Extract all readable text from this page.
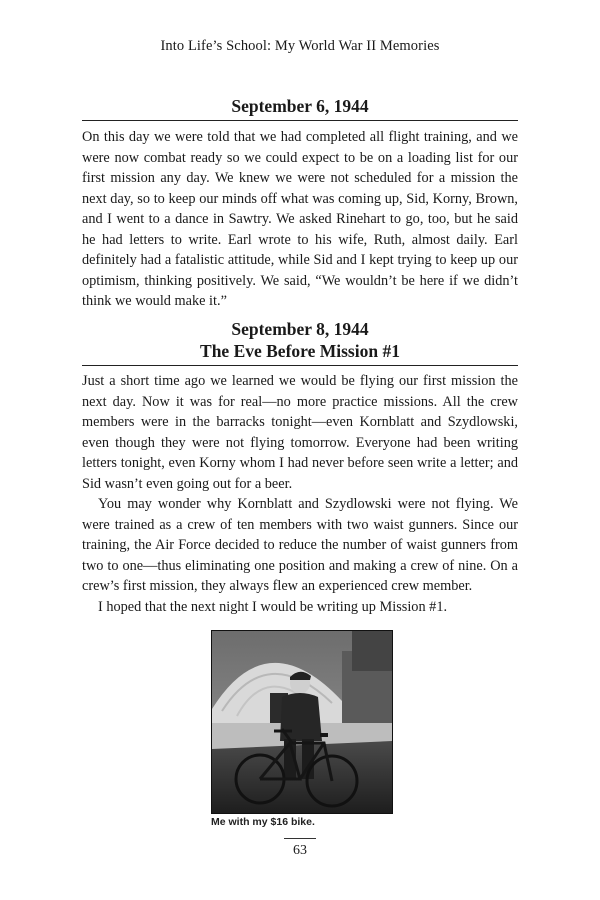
Into Life’s School: My World War II Memories
September 6, 1944

On this day we were told that we had completed all flight training, and we were now combat ready so we could expect to be on a loading list for our first mission any day. We knew we were not scheduled for a mission the next day, so to keep our minds off what was coming up, Sid, Korny, Brown, and I went to a dance in Sawtry. We asked Rinehart to go, too, but he said he had letters to write. Earl wrote to his wife, Ruth, almost daily. Earl definitely had a fatalistic attitude, while Sid and I kept trying to keep up our optimism, thinking positively. We said, “We wouldn’t be here if we didn’t think we would make it.”

September 8, 1944
The Eve Before Mission #1

Just a short time ago we learned we would be flying our first mission the next day. Now it was for real—no more practice missions. All the crew members were in the barracks tonight—even Kornblatt and Szydlowski, even though they were not flying tomorrow. Everyone had been writing letters tonight, even Korny whom I had never before seen write a letter; and Sid wasn’t even going out for a beer.

You may wonder why Kornblatt and Szydlowski were not flying. We were trained as a crew of ten members with two waist gunners. Since our training, the Air Force decided to reduce the number of waist gunners from two to one—thus eliminating one position and making a crew of nine. On a crew’s first mission, they always flew an experienced crew member.

I hoped that the next night I would be writing up Mission #1.

Me with my $16 bike.
63
